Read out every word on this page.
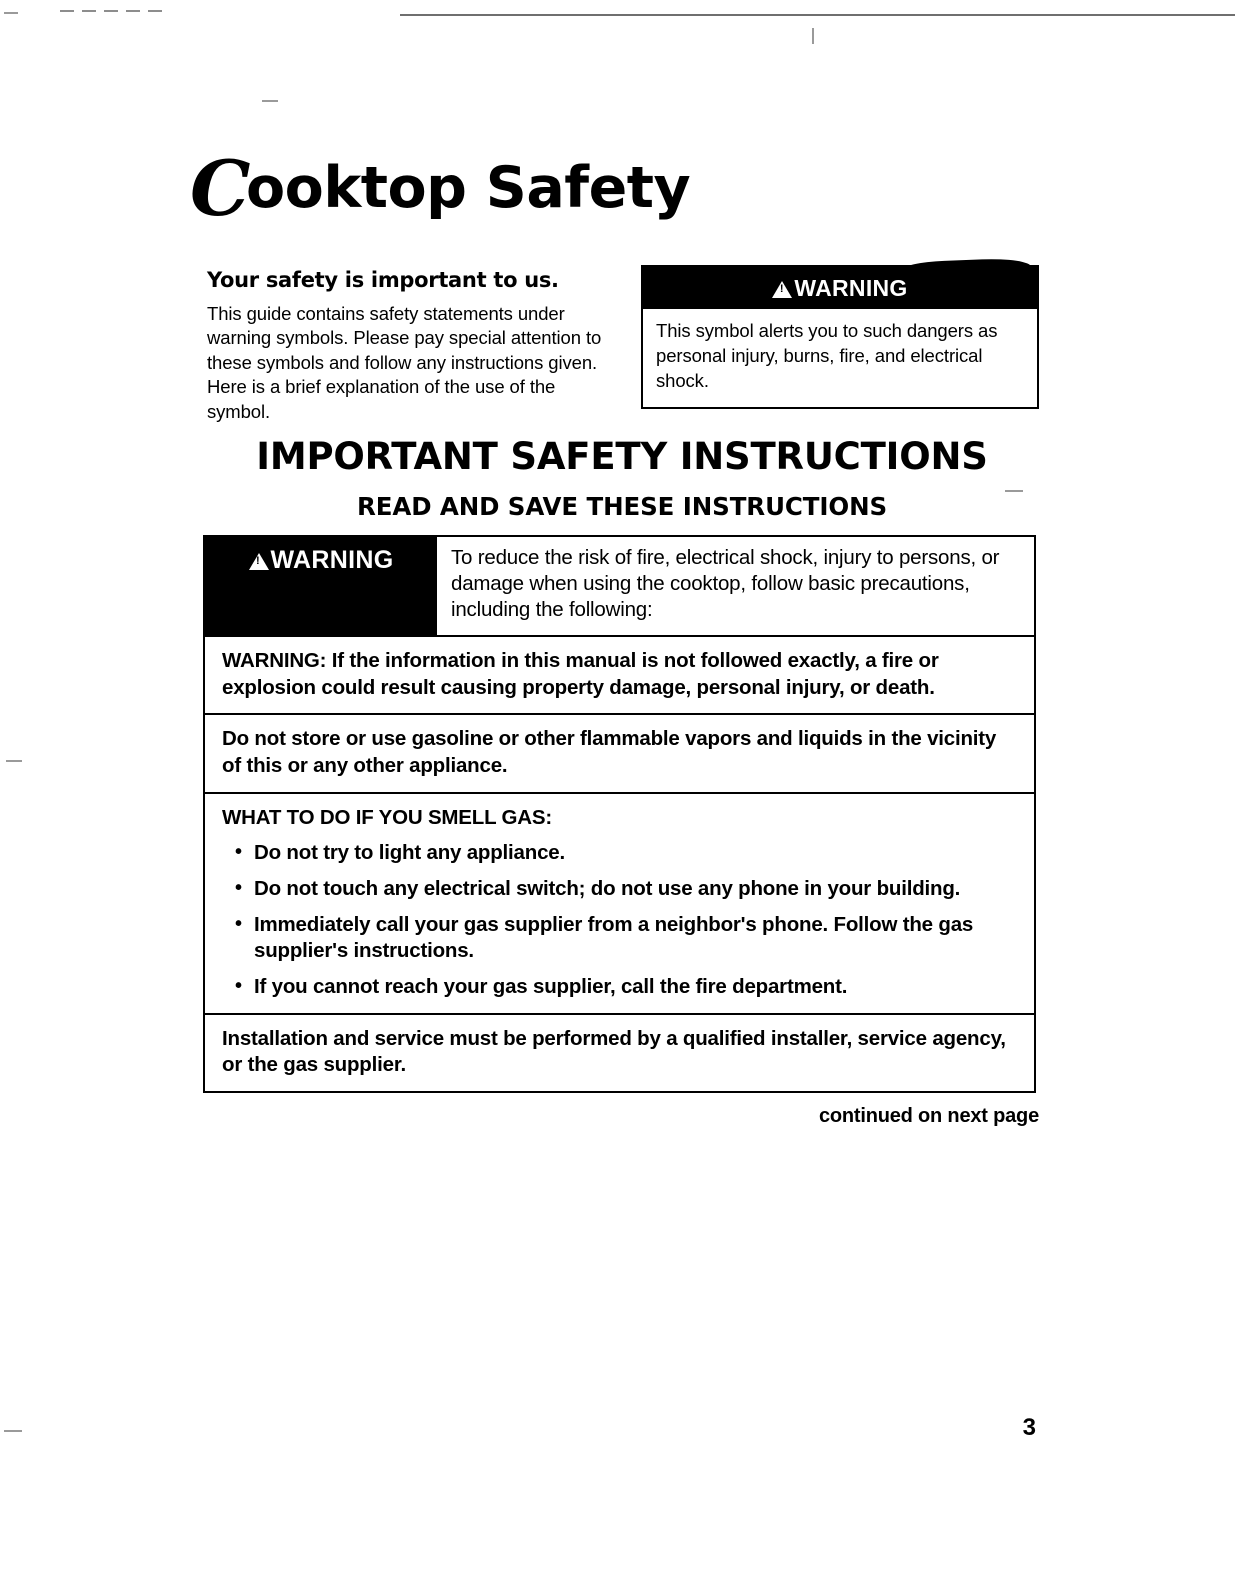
Cooktop Safety
Your safety is important to us.
This guide contains safety statements under warning symbols. Please pay special attention to these symbols and follow any instructions given. Here is a brief explanation of the use of the symbol.
!
WARNING
This symbol alerts you to such dangers as personal injury, burns, fire, and electrical shock.
IMPORTANT SAFETY INSTRUCTIONS
READ AND SAVE THESE INSTRUCTIONS
!
WARNING	To reduce the risk of fire, electrical shock, injury to persons, or damage when using the cooktop, follow basic precautions, including the following:
WARNING: If the information in this manual is not followed exactly, a fire or explosion could result causing property damage, personal injury, or death.
Do not store or use gasoline or other flammable vapors and liquids in the vicinity of this or any other appliance.
WHAT TO DO IF YOU SMELL GAS:
• Do not try to light any appliance.
• Do not touch any electrical switch; do not use any phone in your building.
• Immediately call your gas supplier from a neighbor's phone. Follow the gas supplier's instructions.
• If you cannot reach your gas supplier, call the fire department.
Installation and service must be performed by a qualified installer, service agency, or the gas supplier.
continued on next page
3
